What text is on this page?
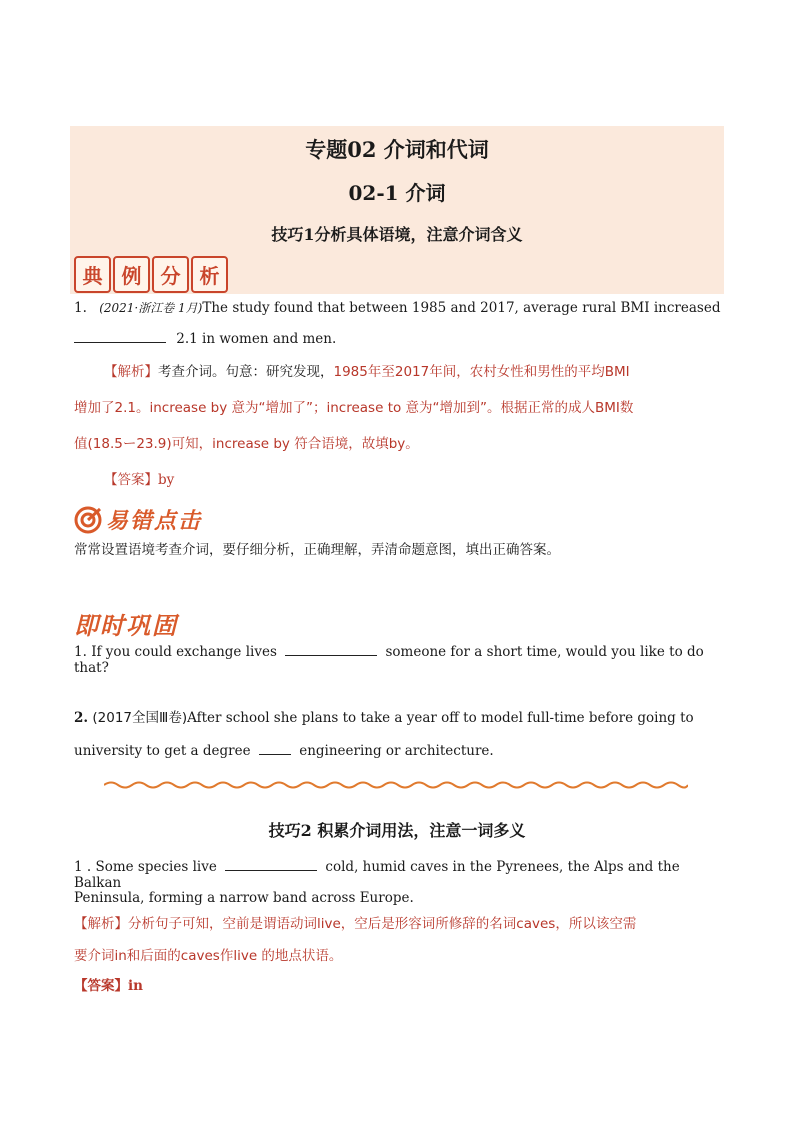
专题02 介词和代词
02-1 介词
技巧1分析具体语境，注意介词含义
典 例 分 析
1. (2021·浙江卷 1月)The study found that between 1985 and 2017, average rural BMI increased
2.1 in women and men.
【解析】考查介词。句意：研究发现，1985年至2017年间，农村女性和男性的平均BMI
增加了2.1。increase by 意为“增加了”；increase to 意为“增加到”。根据正常的成人BMI数
值(18.5ー23.9)可知，increase by 符合语境，故填by。
【答案】by
易错点击
常常设置语境考查介词，要仔细分析，正确理解，弄清命题意图，填出正确答案。
即时巩固
1. If you could exchange lives	someone for a short time, would you like to do that?
2. (2017全国Ⅲ卷)After school she plans to take a year off to model full-time before going to
university to get a degree	engineering or architecture.
技巧2 积累介词用法，注意一词多义
1 . Some species live	cold, humid caves in the Pyrenees, the Alps and the Balkan
Peninsula, forming a narrow band across Europe.
【解析】分析句子可知，空前是谓语动词live，空后是形容词所修辞的名词caves，所以该空需
要介词in和后面的caves作live 的地点状语。
【答案】in
